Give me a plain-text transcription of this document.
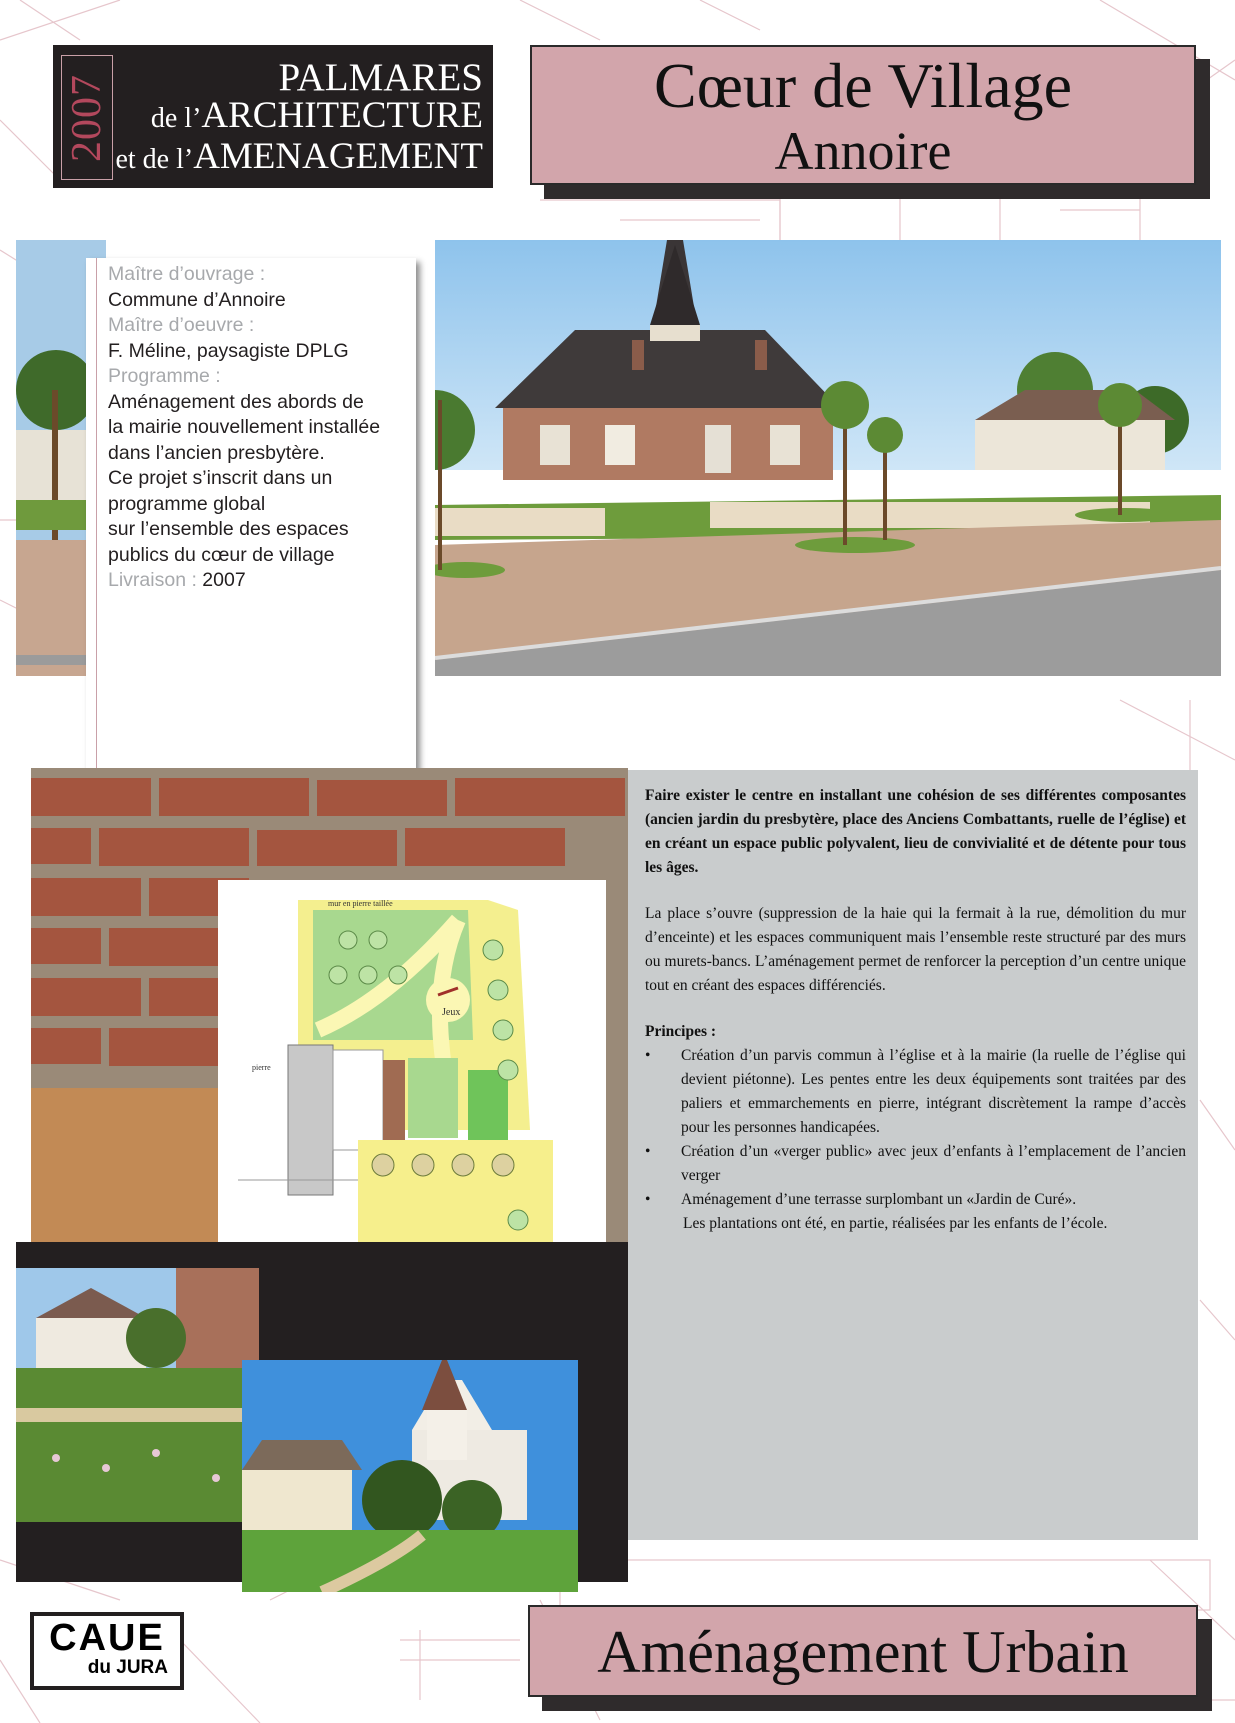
2007	PALMARES
de l’ARCHITECTURE
et de l’AMENAGEMENT
Cœur de Village
Annoire
Maître d’ouvrage :
Commune d’Annoire
Maître d’oeuvre :
F. Méline, paysagiste DPLG
Programme :
Aménagement des abords de
la mairie nouvellement installée
dans l’ancien presbytère.
Ce projet s’inscrit dans un
programme global
sur l’ensemble des espaces
publics du cœur de village
Livraison : 2007
Jeux
mur en pierre taillée
pierre

Faire exister le centre en installant une cohésion de ses différentes composantes (ancien jardin du presbytère, place des Anciens Combattants, ruelle de l’église) et en créant un espace public polyvalent, lieu de convivialité et de détente pour tous les âges.

La place s’ouvre (suppression de la haie qui la fermait à la rue, démolition du mur d’enceinte) et les espaces communiquent mais l’ensemble reste structuré par des murs ou murets-bancs. L’aménagement permet de renforcer la perception d’un centre unique tout en créant des espaces différenciés.

Principes :
• Création d’un parvis commun à l’église et à la mairie (la ruelle de l’église qui devient piétonne). Les pentes entre les deux équipements sont traitées par des paliers et emmarchements en pierre, intégrant discrètement la rampe d’accès pour les personnes handicapées.
• Création d’un «verger public» avec jeux d’enfants à l’emplacement de l’ancien verger
• Aménagement d’une terrasse surplombant un «Jardin de Curé».
Les plantations ont été, en partie, réalisées par les enfants de l’école.
CAUE
du JURA	Aménagement Urbain
